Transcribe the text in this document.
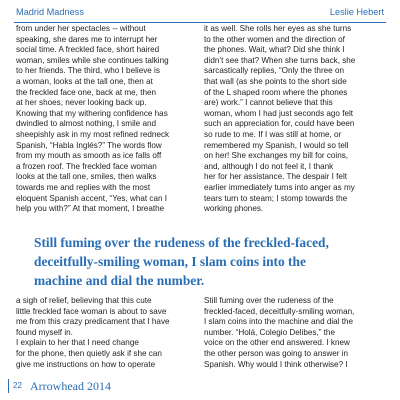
Madrid Madness	Leslie Hebert

from under her spectacles -- without
speaking, she dares me to interrupt her
social time. A freckled face, short haired
woman, smiles while she continues talking
to her friends. The third, who I believe is
a woman, looks at the tall one, then at
the freckled face one, back at me, then
at her shoes, never looking back up.
Knowing that my withering confidence has
dwindled to almost nothing, I smile and
sheepishly ask in my most refined redneck
Spanish, “Habla Inglés?” The words flow
from my mouth as smooth as ice falls off
a frozen roof. The freckled face woman
looks at the tall one, smiles, then walks
towards me and replies with the most
eloquent Spanish accent, “Yes, what can I
help you with?” At that moment, I breathe

it as well. She rolls her eyes as she turns
to the other women and the direction of
the phones. Wait, what? Did she think I
didn’t see that? When she turns back, she
sarcastically replies, “Only the three on
that wall (as she points to the short side
of the L shaped room where the phones
are) work.” I cannot believe that this
woman, whom I had just seconds ago felt
such an appreciation for, could have been
so rude to me. If I was still at home, or
remembered my Spanish, I would so tell
on her! She exchanges my bill for coins,
and, although I do not feel it, I thank
her for her assistance. The despair I felt
earlier immediately turns into anger as my
tears turn to steam; I stomp towards the
working phones.

Still fuming over the rudeness of the freckled-faced,
deceitfully-smiling woman, I slam coins into the
machine and dial the number.

a sigh of relief, believing that this cute
little freckled face woman is about to save
me from this crazy predicament that I have
found myself in.
I explain to her that I need change
for the phone, then quietly ask if she can
give me instructions on how to operate

Still fuming over the rudeness of the
freckled-faced, deceitfully-smiling woman,
I slam coins into the machine and dial the
number. “Holá, Colegio Delibes,” the
voice on the other end answered. I knew
the other person was going to answer in
Spanish. Why would I think otherwise? I

22 Arrowhead 2014
